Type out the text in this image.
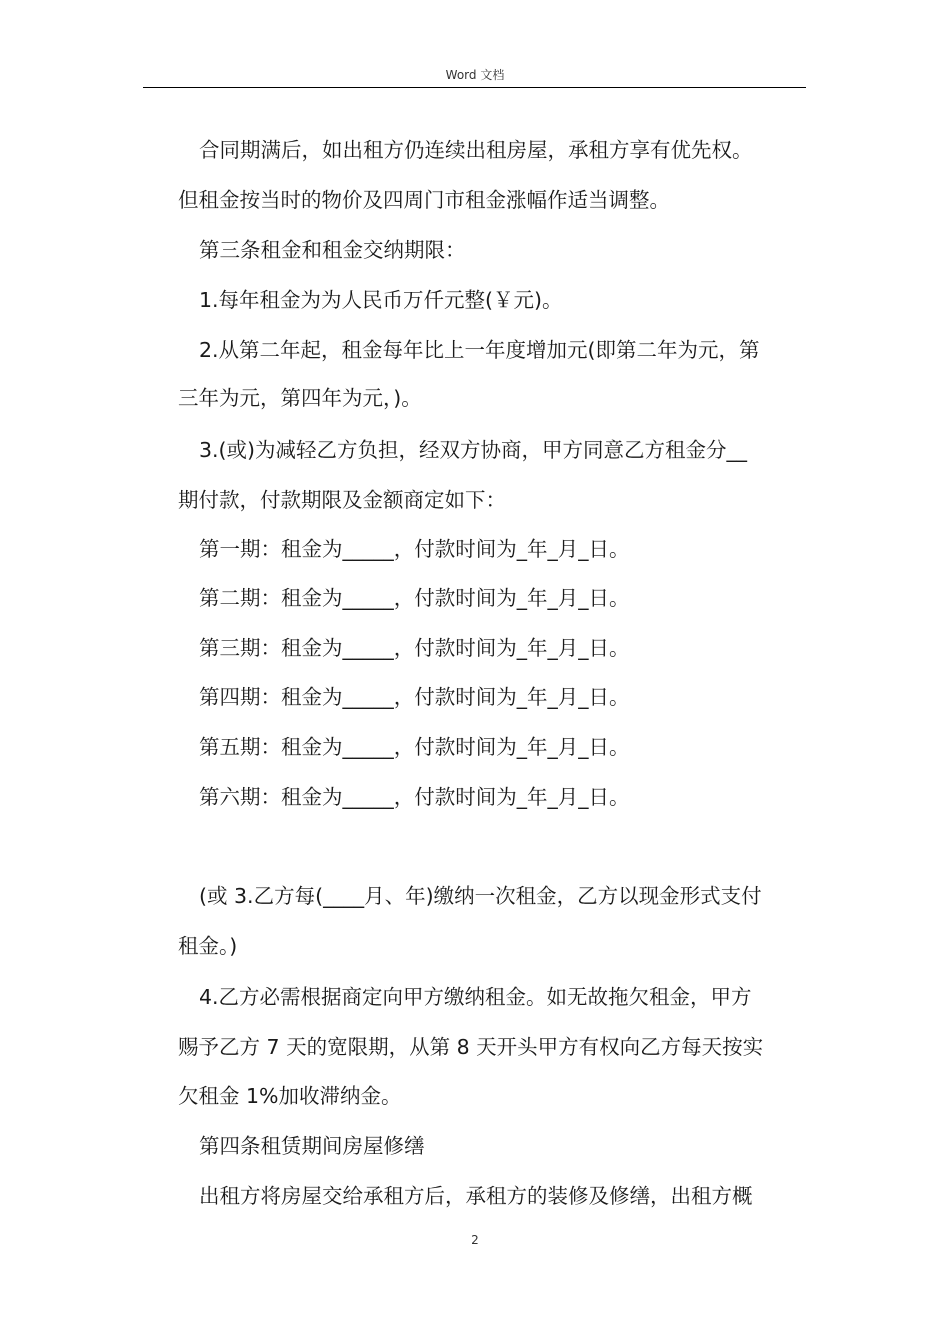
Word 文档
合同期满后，如出租方仍连续出租房屋，承租方享有优先权。
但租金按当时的物价及四周门市租金涨幅作适当调整。
第三条租金和租金交纳期限：
1.每年租金为为人民币万仟元整(￥元)。
2.从第二年起，租金每年比上一年度增加元(即第二年为元，第
三年为元，第四年为元，)。
3.(或)为减轻乙方负担，经双方协商，甲方同意乙方租金分__
期付款，付款期限及金额商定如下：
第一期：租金为_____，付款时间为_年_月_日。
第二期：租金为_____，付款时间为_年_月_日。
第三期：租金为_____，付款时间为_年_月_日。
第四期：租金为_____，付款时间为_年_月_日。
第五期：租金为_____，付款时间为_年_月_日。
第六期：租金为_____，付款时间为_年_月_日。
(或 3.乙方每(____月、年)缴纳一次租金，乙方以现金形式支付
租金。)
4.乙方必需根据商定向甲方缴纳租金。如无故拖欠租金，甲方
赐予乙方 7 天的宽限期，从第 8 天开头甲方有权向乙方每天按实
欠租金 1%加收滞纳金。
第四条租赁期间房屋修缮
出租方将房屋交给承租方后，承租方的装修及修缮，出租方概
2
